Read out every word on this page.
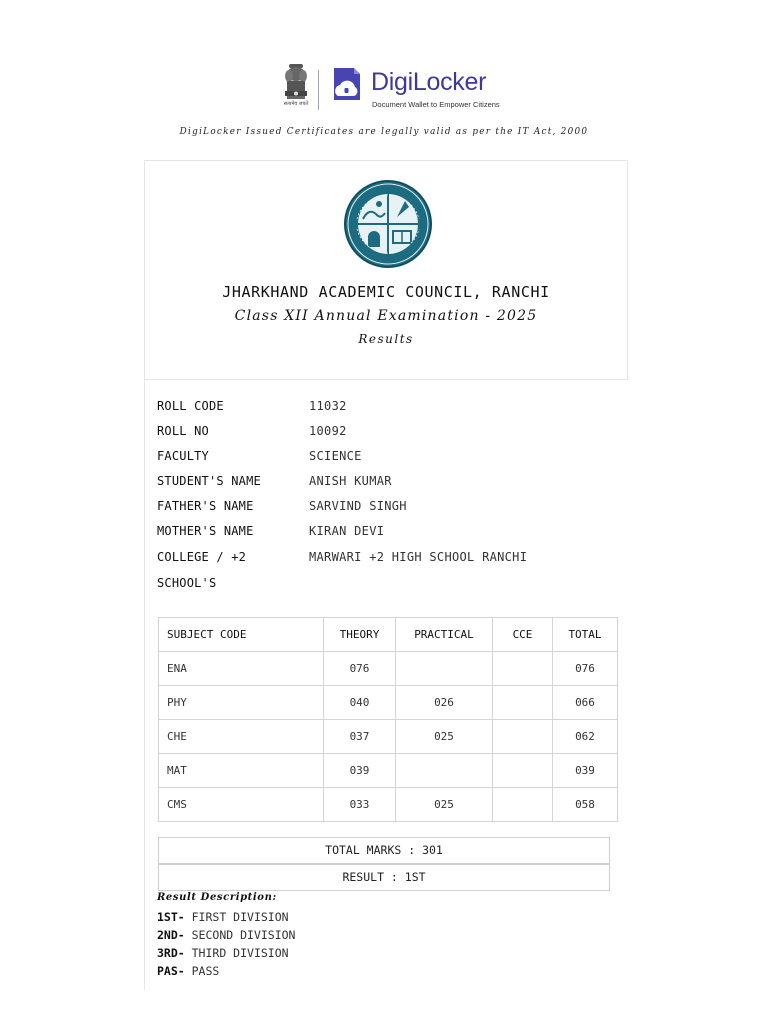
सत्यमेव जयते
DigiLocker
Document Wallet to Empower Citizens
DigiLocker Issued Certificates are legally valid as per the IT Act, 2000
JHARKHAND ACADEMIC COUNCIL, RANCHI
Class XII Annual Examination - 2025
Results
ROLL CODE	11032
ROLL NO	10092
FACULTY	SCIENCE
STUDENT'S NAME	ANISH KUMAR
FATHER'S NAME	SARVIND SINGH
MOTHER'S NAME	KIRAN DEVI
COLLEGE / +2	MARWARI +2 HIGH SCHOOL RANCHI
SCHOOL'S
SUBJECT CODE	THEORY	PRACTICAL	CCE	TOTAL
ENA	076			076
PHY	040	026		066
CHE	037	025		062
MAT	039			039
CMS	033	025		058
TOTAL MARKS : 301
RESULT : 1ST
Result Description:
1ST- FIRST DIVISION
2ND- SECOND DIVISION
3RD- THIRD DIVISION
PAS- PASS
